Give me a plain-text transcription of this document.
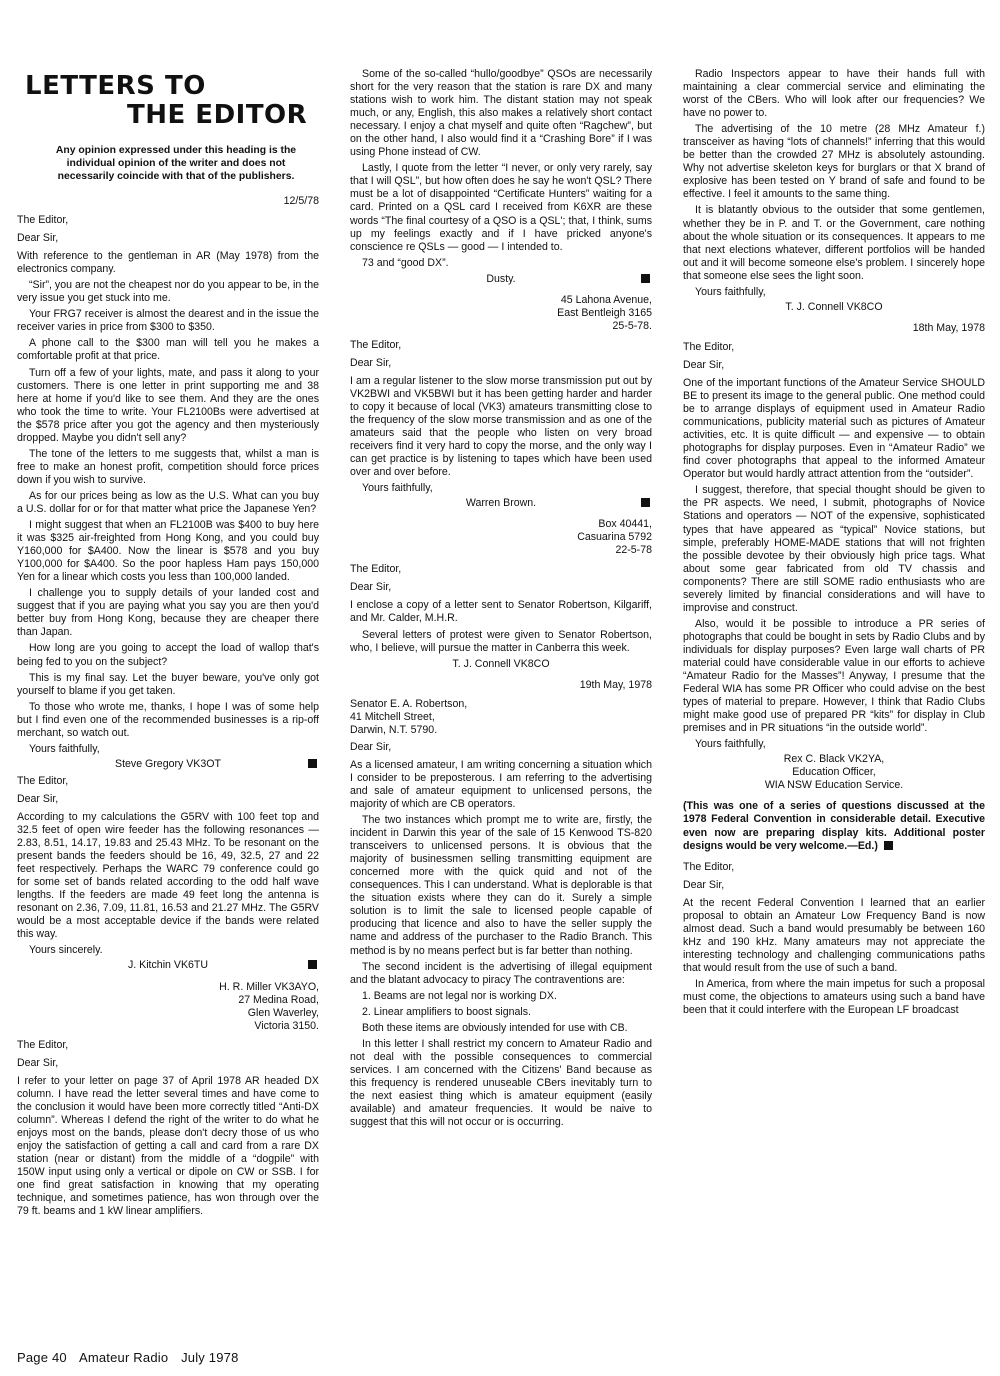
LETTERS TO
THE EDITOR
Any opinion expressed under this heading is the individual opinion of the writer and does not necessarily coincide with that of the publishers.
12/5/78

The Editor,

Dear Sir,

With reference to the gentleman in AR (May 1978) from the electronics company.

“Sir”, you are not the cheapest nor do you appear to be, in the very issue you get stuck into me.

Your FRG7 receiver is almost the dearest and in the issue the receiver varies in price from $300 to $350.

A phone call to the $300 man will tell you he makes a comfortable profit at that price.

Turn off a few of your lights, mate, and pass it along to your customers. There is one letter in print supporting me and 38 here at home if you'd like to see them. And they are the ones who took the time to write. Your FL2100Bs were advertised at the $578 price after you got the agency and then mysteriously dropped. Maybe you didn't sell any?

The tone of the letters to me suggests that, whilst a man is free to make an honest profit, competition should force prices down if you wish to survive.

As for our prices being as low as the U.S. What can you buy a U.S. dollar for or for that matter what price the Japanese Yen?

I might suggest that when an FL2100B was $400 to buy here it was $325 air-freighted from Hong Kong, and you could buy Y160,000 for $A400. Now the linear is $578 and you buy Y100,000 for $A400. So the poor hapless Ham pays 150,000 Yen for a linear which costs you less than 100,000 landed.

I challenge you to supply details of your landed cost and suggest that if you are paying what you say you are then you'd better buy from Hong Kong, because they are cheaper there than Japan.

How long are you going to accept the load of wallop that's being fed to you on the subject?

This is my final say. Let the buyer beware, you've only got yourself to blame if you get taken.

To those who wrote me, thanks, I hope I was of some help but I find even one of the recommended businesses is a rip-off merchant, so watch out.

Yours faithfully,

Steve Gregory VK3OT

The Editor,

Dear Sir,

According to my calculations the G5RV with 100 feet top and 32.5 feet of open wire feeder has the following resonances — 2.83, 8.51, 14.17, 19.83 and 25.43 MHz. To be resonant on the present bands the feeders should be 16, 49, 32.5, 27 and 22 feet respectively. Perhaps the WARC 79 conference could go for some set of bands related according to the odd half wave lengths. If the feeders are made 49 feet long the antenna is resonant on 2.36, 7.09, 11.81, 16.53 and 21.27 MHz. The G5RV would be a most acceptable device if the bands were related this way.

Yours sincerely.

J. Kitchin VK6TU
H. R. Miller VK3AYO,
27 Medina Road,
Glen Waverley,
Victoria 3150.

The Editor,

Dear Sir,

I refer to your letter on page 37 of April 1978 AR headed DX column. I have read the letter several times and have come to the conclusion it would have been more correctly titled “Anti-DX column”. Whereas I defend the right of the writer to do what he enjoys most on the bands, please don't decry those of us who enjoy the satisfaction of getting a call and card from a rare DX station (near or distant) from the middle of a “dogpile” with 150W input using only a vertical or dipole on CW or SSB. I for one find great satisfaction in knowing that my operating technique, and sometimes patience, has won through over the 79 ft. beams and 1 kW linear amplifiers.

Some of the so-called “hullo/goodbye” QSOs are necessarily short for the very reason that the station is rare DX and many stations wish to work him. The distant station may not speak much, or any, English, this also makes a relatively short contact necessary. I enjoy a chat myself and quite often “Ragchew”, but on the other hand, I also would find it a “Crashing Bore” if I was using Phone instead of CW.

Lastly, I quote from the letter “I never, or only very rarely, say that I will QSL”, but how often does he say he won't QSL? There must be a lot of disappointed “Certificate Hunters” waiting for a card. Printed on a QSL card I received from K6XR are these words “The final courtesy of a QSO is a QSL'; that, I think, sums up my feelings exactly and if I have pricked anyone's conscience re QSLs — good — I intended to.

73 and “good DX”.

Dusty.
45 Lahona Avenue,
East Bentleigh 3165
25-5-78.

The Editor,

Dear Sir,

I am a regular listener to the slow morse transmission put out by VK2BWI and VK5BWI but it has been getting harder and harder to copy it because of local (VK3) amateurs transmitting close to the frequency of the slow morse transmission and as one of the amateurs said that the people who listen on very broad receivers find it very hard to copy the morse, and the only way I can get practice is by listening to tapes which have been used over and over before.

Yours faithfully,

Warren Brown.
Box 40441,
Casuarina 5792
22-5-78

The Editor,

Dear Sir,

I enclose a copy of a letter sent to Senator Robertson, Kilgariff, and Mr. Calder, M.H.R.

Several letters of protest were given to Senator Robertson, who, I believe, will pursue the matter in Canberra this week.

T. J. Connell VK8CO
19th May, 1978
Senator E. A. Robertson,
41 Mitchell Street,
Darwin, N.T. 5790.

Dear Sir,

As a licensed amateur, I am writing concerning a situation which I consider to be preposterous. I am referring to the advertising and sale of amateur equipment to unlicensed persons, the majority of which are CB operators.

The two instances which prompt me to write are, firstly, the incident in Darwin this year of the sale of 15 Kenwood TS-820 transceivers to unlicensed persons. It is obvious that the majority of businessmen selling transmitting equipment are concerned more with the quick quid and not of the consequences. This I can understand. What is deplorable is that the situation exists where they can do it. Surely a simple solution is to limit the sale to licensed people capable of producing that licence and also to have the seller supply the name and address of the purchaser to the Radio Branch. This method is by no means perfect but is far better than nothing.

The second incident is the advertising of illegal equipment and the blatant advocacy to piracy The contraventions are:

1. Beams are not legal nor is working DX.

2. Linear amplifiers to boost signals.

Both these items are obviously intended for use with CB.

In this letter I shall restrict my concern to Amateur Radio and not deal with the possible consequences to commercial services. I am concerned with the Citizens' Band because as this frequency is rendered unuseable CBers inevitably turn to the next easiest thing which is amateur equipment (easily available) and amateur frequencies. It would be naive to suggest that this will not occur or is occurring.

Radio Inspectors appear to have their hands full with maintaining a clear commercial service and eliminating the worst of the CBers. Who will look after our frequencies? We have no power to.

The advertising of the 10 metre (28 MHz Amateur f.) transceiver as having “lots of channels!” inferring that this would be better than the crowded 27 MHz is absolutely astounding. Why not advertise skeleton keys for burglars or that X brand of explosive has been tested on Y brand of safe and found to be effective. I feel it amounts to the same thing.

It is blatantly obvious to the outsider that some gentlemen, whether they be in P. and T. or the Government, care nothing about the whole situation or its consequences. It appears to me that next elections whatever, different portfolios will be handed out and it will become someone else's problem. I sincerely hope that someone else sees the light soon.

Yours faithfully,

T. J. Connell VK8CO
18th May, 1978

The Editor,

Dear Sir,

One of the important functions of the Amateur Service SHOULD BE to present its image to the general public. One method could be to arrange displays of equipment used in Amateur Radio communications, publicity material such as pictures of Amateur activities, etc. It is quite difficult — and expensive — to obtain photographs for display purposes. Even in “Amateur Radio” we find cover photographs that appeal to the informed Amateur Operator but would hardly attract attention from the “outsider”.

I suggest, therefore, that special thought should be given to the PR aspects. We need, I submit, photographs of Novice Stations and operators — NOT of the expensive, sophisticated types that have appeared as “typical” Novice stations, but simple, preferably HOME-MADE stations that will not frighten the possible devotee by their obviously high price tags. What about some gear fabricated from old TV chassis and components? There are still SOME radio enthusiasts who are severely limited by financial considerations and will have to improvise and construct.

Also, would it be possible to introduce a PR series of photographs that could be bought in sets by Radio Clubs and by individuals for display purposes? Even large wall charts of PR material could have considerable value in our efforts to achieve “Amateur Radio for the Masses”! Anyway, I presume that the Federal WIA has some PR Officer who could advise on the best types of material to prepare. However, I think that Radio Clubs might make good use of prepared PR “kits” for display in Club premises and in PR situations “in the outside world”.

Yours faithfully,

Rex C. Black VK2YA,
Education Officer,
WIA NSW Education Service.
(This was one of a series of questions discussed at the 1978 Federal Convention in considerable detail. Executive even now are preparing display kits. Additional poster designs would be very welcome.—Ed.)

The Editor,

Dear Sir,

At the recent Federal Convention I learned that an earlier proposal to obtain an Amateur Low Frequency Band is now almost dead. Such a band would presumably be between 160 kHz and 190 kHz. Many amateurs may not appreciate the interesting technology and challenging communications paths that would result from the use of such a band.

In America, from where the main impetus for such a proposal must come, the objections to amateurs using such a band have been that it could interfere with the European LF broadcast

Page 40 Amateur Radio July 1978
